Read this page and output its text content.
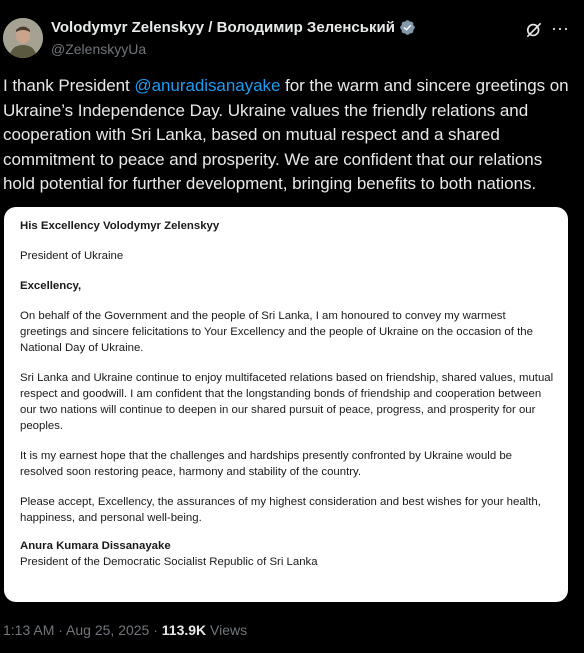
Volodymyr Zelenskyy / Володимир Зеленський
@ZelenskyyUa
···
I thank President @anuradisanayake for the warm and sincere greetings on Ukraine’s Independence Day. Ukraine values the friendly relations and cooperation with Sri Lanka, based on mutual respect and a shared commitment to peace and prosperity. We are confident that our relations hold potential for further development, bringing benefits to both nations.

His Excellency Volodymyr Zelenskyy

President of Ukraine

Excellency,

On behalf of the Government and the people of Sri Lanka, I am honoured to convey my warmest greetings and sincere felicitations to Your Excellency and the people of Ukraine on the occasion of the National Day of Ukraine.

Sri Lanka and Ukraine continue to enjoy multifaceted relations based on friendship, shared values, mutual respect and goodwill. I am confident that the longstanding bonds of friendship and cooperation between our two nations will continue to deepen in our shared pursuit of peace, progress, and prosperity for our peoples.

It is my earnest hope that the challenges and hardships presently confronted by Ukraine would be resolved soon restoring peace, harmony and stability of the country.

Please accept, Excellency, the assurances of my highest consideration and best wishes for your health, happiness, and personal well-being.

Anura Kumara Dissanayake

President of the Democratic Socialist Republic of Sri Lanka

1:13 AM · Aug 25, 2025 · 113.9K Views
